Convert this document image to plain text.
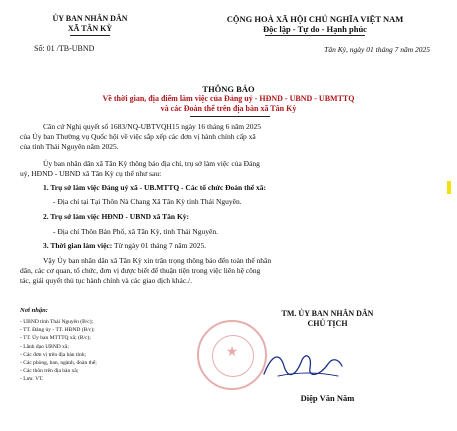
ỦY BAN NHÂN DÂN
XÃ TÂN KỲ
Số: 01 /TB-UBND
CỘNG HOÀ XÃ HỘI CHỦ NGHĨA VIỆT NAM
Độc lập - Tự do - Hạnh phúc
Tân Kỳ, ngày 01 tháng 7 năm 2025
THÔNG BÁO
Về thời gian, địa điểm làm việc của Đảng uỷ - HĐND - UBND - UBMTTQ
và các Đoàn thể trên địa bàn xã Tân Kỳ
Căn cứ Nghị quyết số 1683/NQ-UBTVQH15 ngày 16 tháng 6 năm 2025
của Ủy ban Thường vụ Quốc hội về việc sắp xếp các đơn vị hành chính cấp xã
của tỉnh Thái Nguyên năm 2025.
Ủy ban nhân dân xã Tân Kỳ thông báo địa chỉ, trụ sở làm việc của Đảng
uỷ, HĐND - UBND xã Tân Kỳ cụ thể như sau:
1. Trụ sở làm việc Đảng uỷ xã - UB.MTTQ - Các tổ chức Đoàn thể xã:
- Địa chỉ tại Tại Thôn Nà Chang Xã Tân Kỳ tỉnh Thái Nguyên.
2. Trụ sở làm việc HĐND - UBND xã Tân Kỳ:
- Địa chỉ Thôn Bản Phố, xã Tân Kỳ, tỉnh Thái Nguyên.
3. Thời gian làm việc: Từ ngày 01 tháng 7 năm 2025.
Vậy Ủy ban nhân dân xã Tân Kỳ xin trân trọng thông báo đến toàn thể nhân
dân, các cơ quan, tổ chức, đơn vị được biết để thuận tiện trong việc liên hệ công
tác, giải quyết thủ tục hành chính và các giao dịch khác./.
Nơi nhận:
- UBND tỉnh Thái Nguyên (B/c);
- TT. Đảng ủy - TT. HĐND (B/c);
- TT. Ủy ban MTTTQ xã; (B/c);
- Lãnh đạo UBND xã;
- Các đơn vị trên địa bàn tỉnh;
- Các phòng, ban, ngành, đoàn thể;
- Các thôn trên địa bàn xã;
- Lưu: VT.
TM. ỦY BAN NHÂN DÂN
CHỦ TỊCH
★
Diệp Văn Năm
